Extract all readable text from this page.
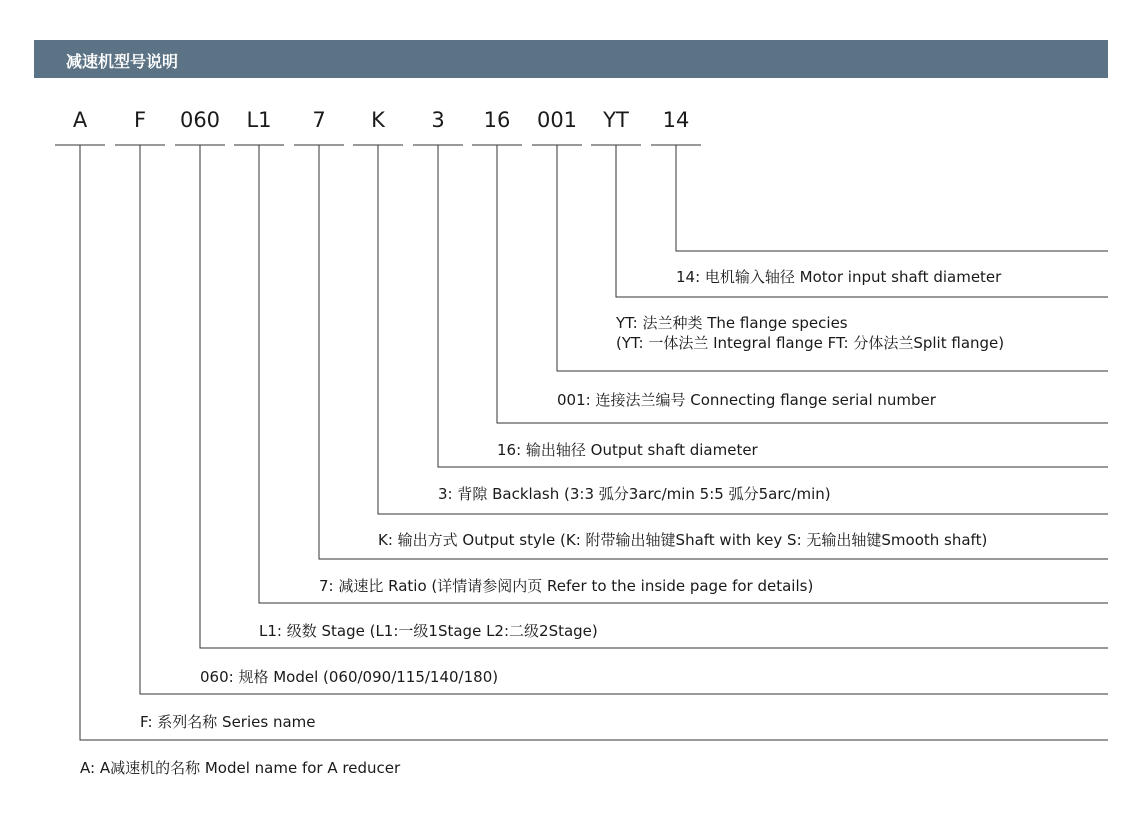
减速机型号说明
A	F	060	L1	7	K	3	16	001	YT	14
14: 电机输入轴径 Motor input shaft diameter
YT: 法兰种类 The flange species
(YT: 一体法兰 Integral flange FT: 分体法兰Split flange)
001: 连接法兰编号 Connecting flange serial number
16: 输出轴径 Output shaft diameter
3: 背隙 Backlash (3:3 弧分3arc/min 5:5 弧分5arc/min)
K: 输出方式 Output style (K: 附带输出轴键Shaft with key S: 无输出轴键Smooth shaft)
7: 减速比 Ratio (详情请参阅内页 Refer to the inside page for details)
L1: 级数 Stage (L1:一级1Stage L2:二级2Stage)
060: 规格 Model (060/090/115/140/180)
F: 系列名称 Series name
A: A减速机的名称 Model name for A reducer
